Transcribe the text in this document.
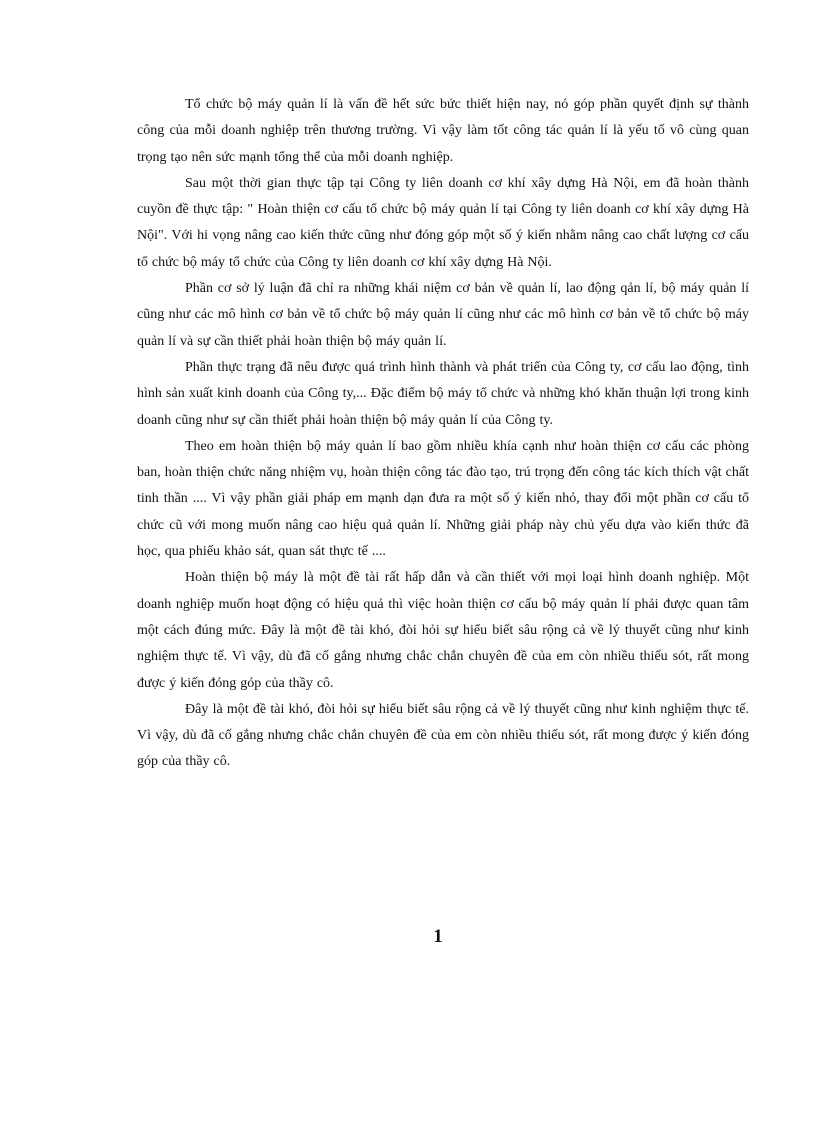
Tổ chức bộ máy quản lí là vấn đề hết sức bức thiết hiện nay, nó góp phần quyết định sự thành công của mỗi doanh nghiệp trên thương trường. Vì vậy làm tốt công tác quản lí là yếu tố vô cùng quan trọng tạo nên sức mạnh tổng thể của mỗi doanh nghiệp.

Sau một thời gian thực tập tại Công ty liên doanh cơ khí xây dựng Hà Nội, em đã hoàn thành cuyồn đề thực tập: " Hoàn thiện cơ cấu tổ chức bộ máy quản lí tại Công ty liên doanh cơ khí xây dựng Hà Nội". Với hi vọng nâng cao kiến thức cũng như đóng góp một số ý kiến nhằm nâng cao chất lượng cơ cấu tổ chức bộ máy tổ chức của Công ty liên doanh cơ khí xây dựng Hà Nội.

Phần cơ sở lý luận đã chỉ ra những khái niệm cơ bản về quản lí, lao động qản lí, bộ máy quản lí cũng như các mô hình cơ bản về tổ chức bộ máy quản lí cũng như các mô hình cơ bản về tổ chức bộ máy quản lí và sự cần thiết phải hoàn thiện bộ máy quản lí.

Phần thực trạng đã nêu được quá trình hình thành và phát triển của Công ty, cơ cấu lao động, tình hình sản xuất kinh doanh của Công ty,... Đặc điểm bộ máy tổ chức và những khó khăn thuận lợi trong kinh doanh cũng như sự cần thiết phải hoàn thiện bộ máy quản lí của Công ty.

Theo em hoàn thiện bộ máy quản lí bao gồm nhiều khía cạnh như hoàn thiện cơ cấu các phòng ban, hoàn thiện chức năng nhiệm vụ, hoàn thiện công tác đào tạo, trú trọng đến công tác kích thích vật chất tinh thần .... Vì vậy phần giải pháp em mạnh dạn đưa ra một số ý kiến nhỏ, thay đổi một phần cơ cấu tổ chức cũ với mong muốn nâng cao hiệu quả quản lí. Những giải pháp này chủ yếu dựa vào kiến thức đã học, qua phiếu khảo sát, quan sát thực tế ....

Hoàn thiện bộ máy là một đề tài rất hấp dẫn và cần thiết với mọi loại hình doanh nghiệp. Một doanh nghiệp muốn hoạt động có hiệu quả thì việc hoàn thiện cơ cấu bộ máy quản lí phải được quan tâm một cách đúng mức. Đây là một đề tài khó, đòi hỏi sự hiểu biết sâu rộng cả về lý thuyết cũng như kinh nghiệm thực tế. Vì vậy, dù đã cố gắng nhưng chắc chắn chuyên đề của em còn nhiều thiếu sót, rất mong được ý kiến đóng góp của thầy cô.

Đây là một đề tài khó, đòi hỏi sự hiểu biết sâu rộng cả về lý thuyết cũng như kinh nghiệm thực tế. Vì vậy, dù đã cố gắng nhưng chắc chắn chuyên đề của em còn nhiều thiếu sót, rất mong được ý kiến đóng góp của thầy cô.

1
